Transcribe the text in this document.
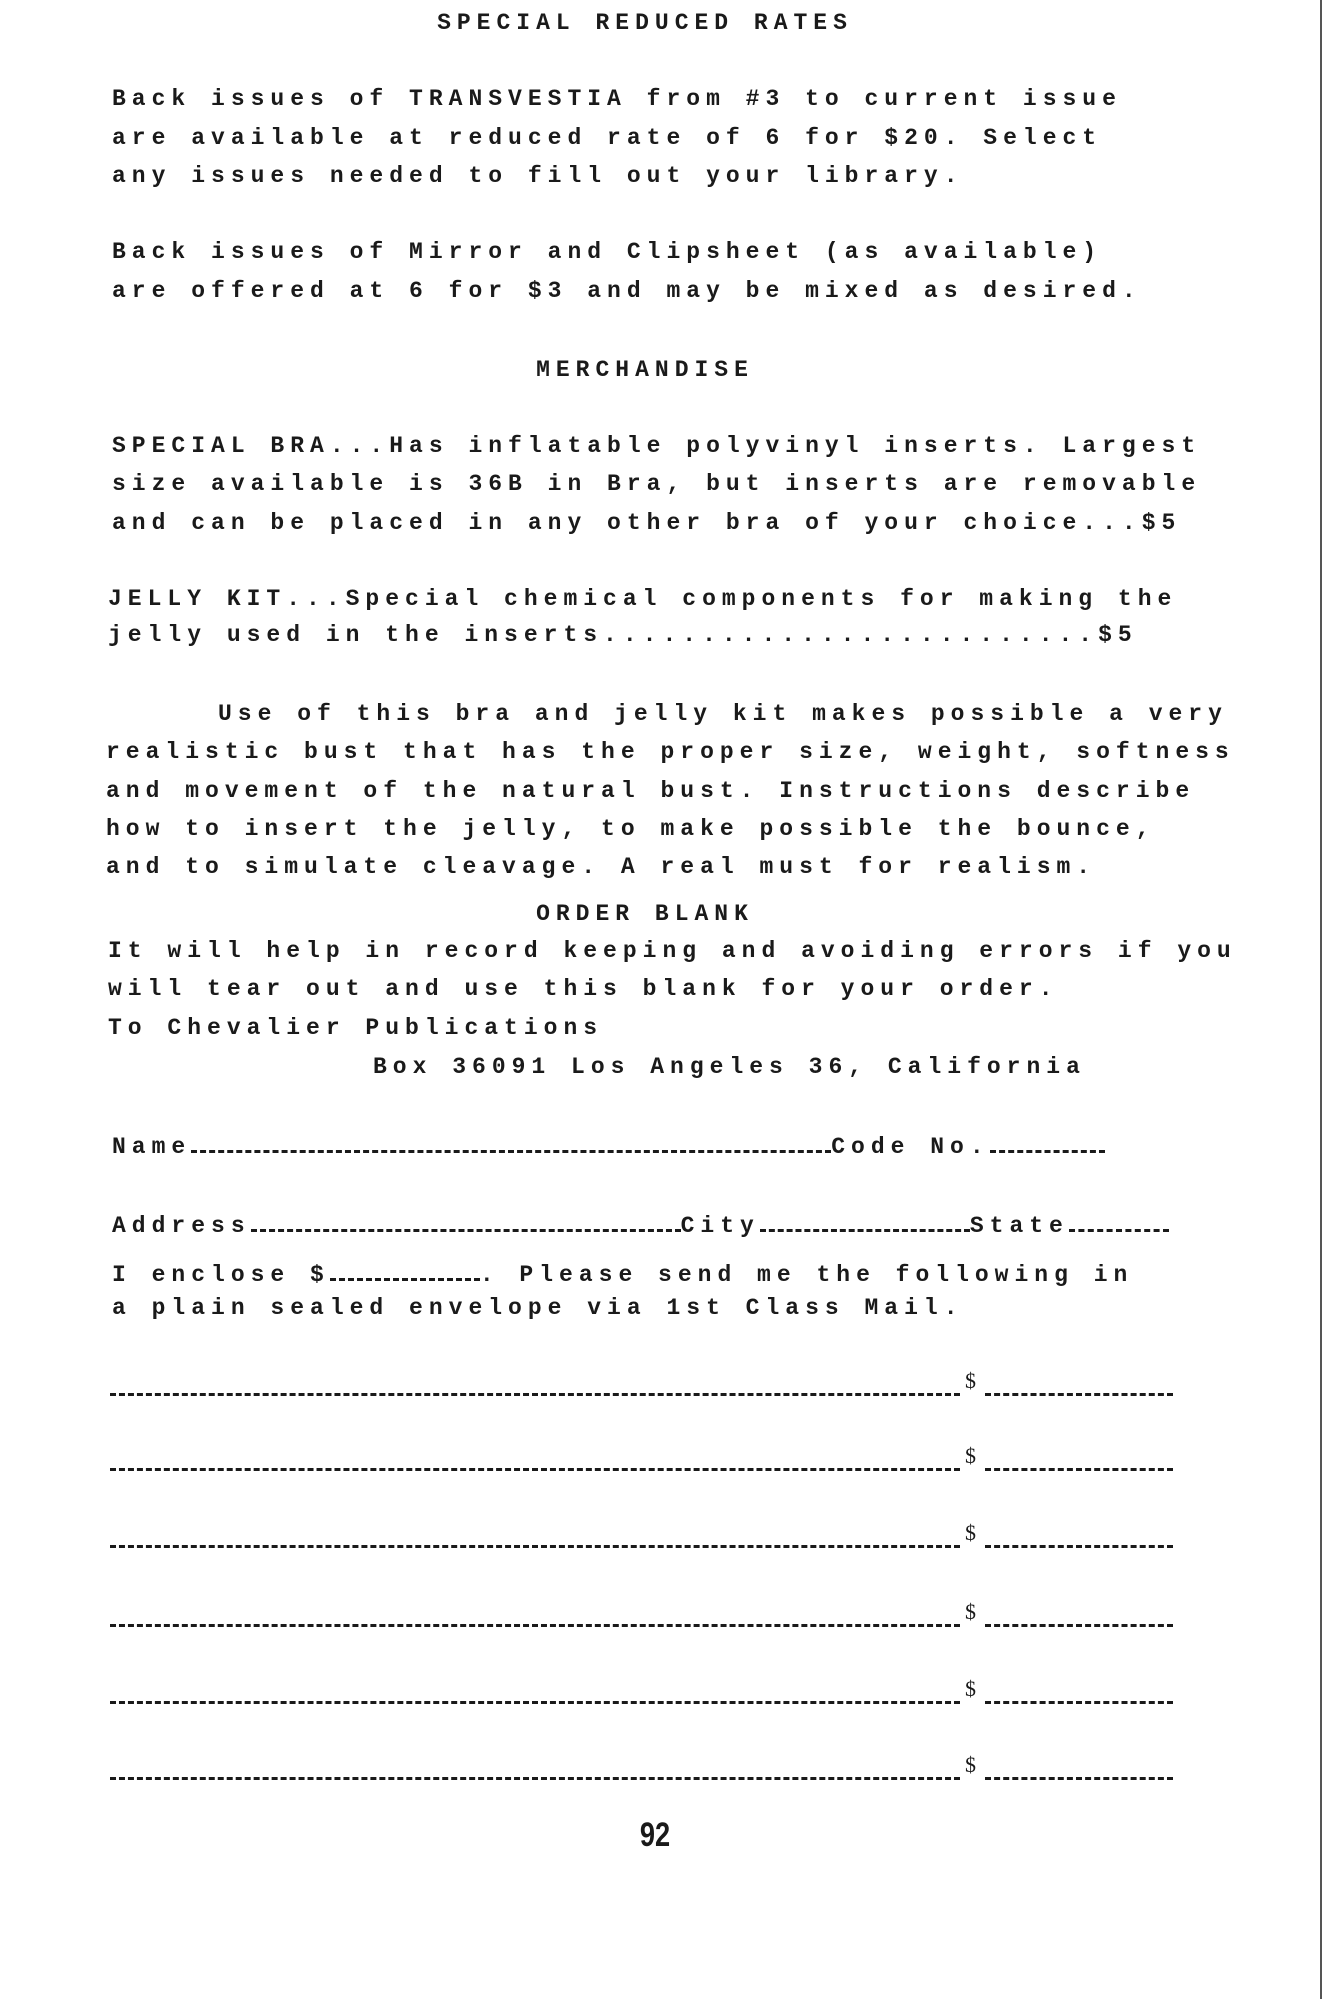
SPECIAL REDUCED RATES
Back issues of TRANSVESTIA from #3 to current issue
are available at reduced rate of 6 for $20. Select
any issues needed to fill out your library.
Back issues of Mirror and Clipsheet (as available)
are offered at 6 for $3 and may be mixed as desired.
MERCHANDISE
SPECIAL BRA...Has inflatable polyvinyl inserts. Largest
size available is 36B in Bra, but inserts are removable
and can be placed in any other bra of your choice...$5
JELLY KIT...Special chemical components for making the
jelly used in the inserts.........................$5
Use of this bra and jelly kit makes possible a very
realistic bust that has the proper size, weight, softness
and movement of the natural bust. Instructions describe
how to insert the jelly, to make possible the bounce,
and to simulate cleavage. A real must for realism.
ORDER BLANK
It will help in record keeping and avoiding errors if you
will tear out and use this blank for your order.
To Chevalier Publications
Box 36091 Los Angeles 36, California
Name	Code No.
Address	City	State
I enclose $	. Please send me the following in
a plain sealed envelope via 1st Class Mail.
$
$
$
$
$
$
92
